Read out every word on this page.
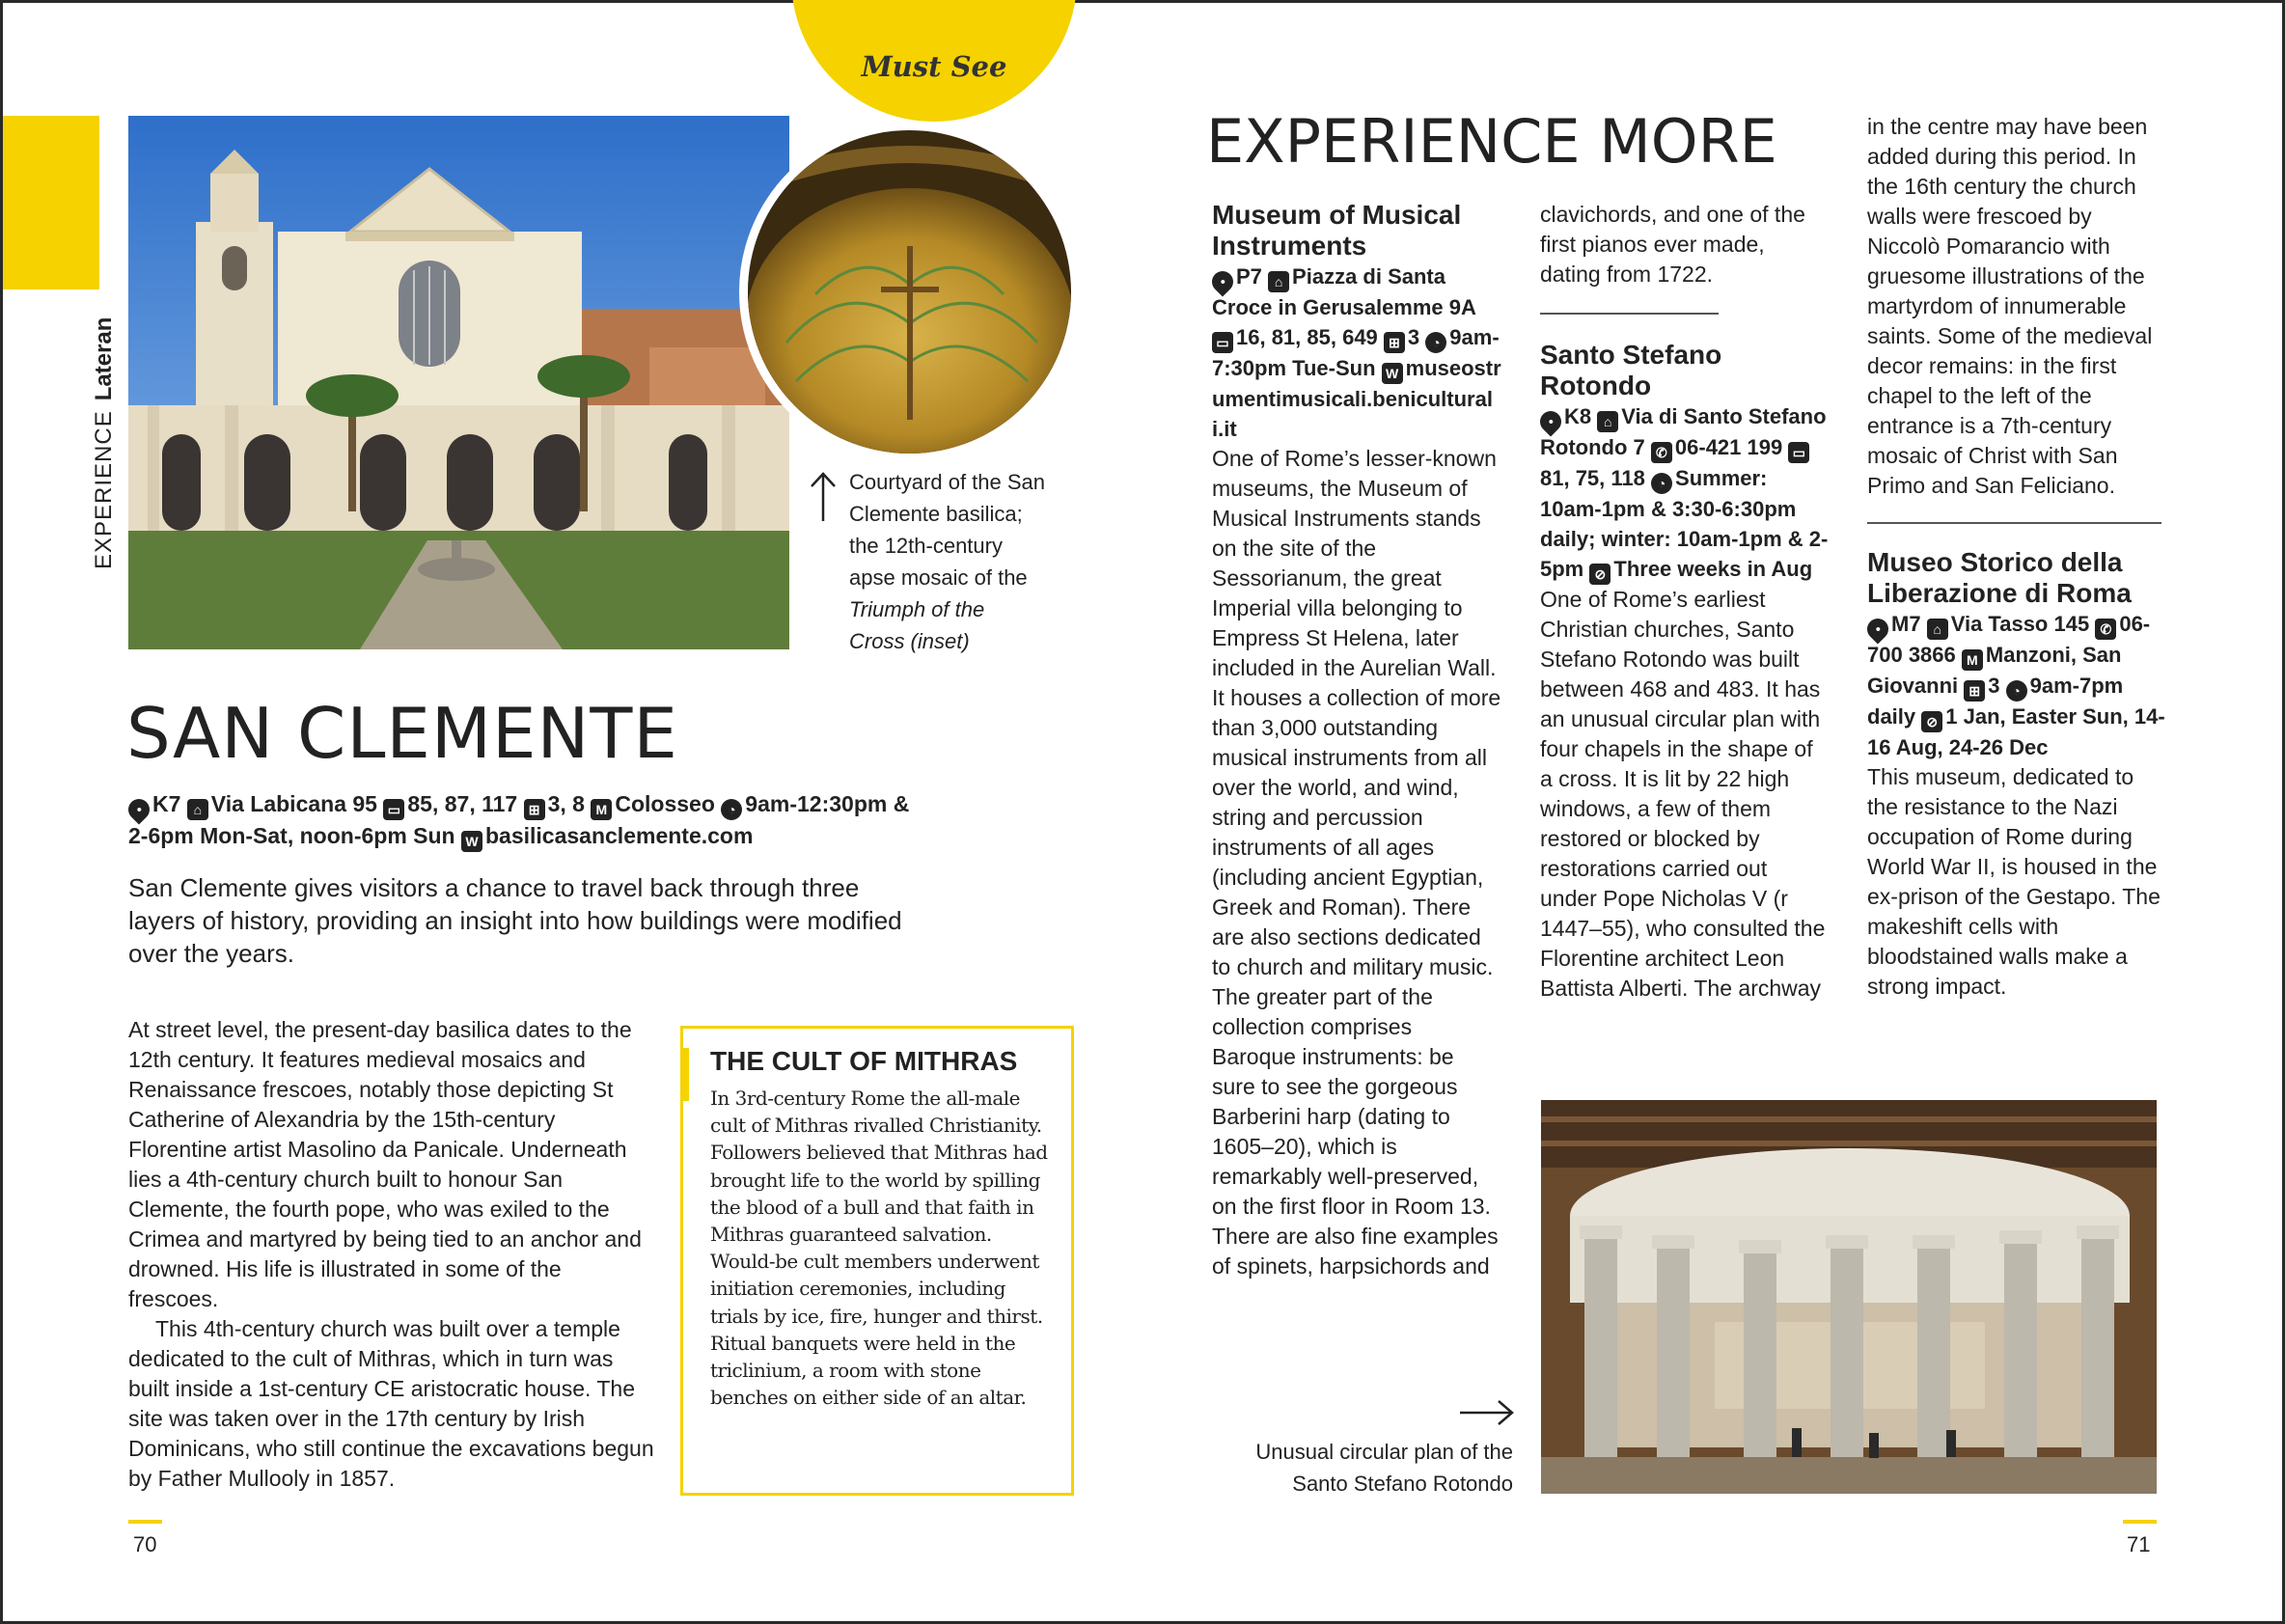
Must See
EXPERIENCELateran
Courtyard of the San
Clemente basilica;
the 12th-century
apse mosaic of the
Triumph of the
Cross (inset)
SAN CLEMENTE
• K7 ⌂ Via Labicana 95 ▭ 85, 87, 117 ⊞ 3, 8 M Colosseo ◔ 9am-12:30pm & 2-6pm Mon-Sat, noon-6pm Sun W basilicasanclemente.com
San Clemente gives visitors a chance to travel back through three layers of history, providing an insight into how buildings were modified over the years.

At street level, the present-day basilica dates to the 12th century. It features medieval mosaics and Renaissance frescoes, notably those depicting St Catherine of Alexandria by the 15th-century Florentine artist Masolino da Panicale. Underneath lies a 4th-century church built to honour San Clemente, the fourth pope, who was exiled to the Crimea and martyred by being tied to an anchor and drowned. His life is illustrated in some of the frescoes.

This 4th-century church was built over a temple dedicated to the cult of Mithras, which in turn was built inside a 1st-century CE aristocratic house. The site was taken over in the 17th century by Irish Dominicans, who still continue the excavations begun by Father Mullooly in 1857.

THE CULT OF MITHRAS
In 3rd-century Rome the all-male cult of Mithras rivalled Christianity. Followers believed that Mithras had brought life to the world by spilling the blood of a bull and that faith in Mithras guaranteed salvation. Would-be cult members underwent initiation ceremonies, including trials by ice, fire, hunger and thirst. Ritual banquets were held in the triclinium, a room with stone benches on either side of an altar.
70
EXPERIENCE MORE
Museum of Musical Instruments
• P7 ⌂ Piazza di Santa Croce in Gerusalemme 9A ▭ 16, 81, 85, 649 ⊞ 3 ◔ 9am-7:30pm Tue-Sun W museostrumentimusicali.beniculturali.it

One of Rome’s lesser-known museums, the Museum of Musical Instruments stands on the site of the Sessorianum, the great Imperial villa belonging to Empress St Helena, later included in the Aurelian Wall. It houses a collection of more than 3,000 outstanding musical instruments from all over the world, and wind, string and percussion instruments of all ages (including ancient Egyptian, Greek and Roman). There are also sections dedicated to church and military music. The greater part of the collection comprises Baroque instruments: be sure to see the gorgeous Barberini harp (dating to 1605–20), which is remarkably well-preserved, on the first floor in Room 13. There are also fine examples of spinets, harpsichords and

clavichords, and one of the first pianos ever made, dating from 1722.

Santo Stefano Rotondo
• K8 ⌂ Via di Santo Stefano Rotondo 7 ✆ 06-421 199 ▭81, 75, 118 ◔ Summer: 10am-1pm & 3:30-6:30pm daily; winter: 10am-1pm & 2-5pm ⊘ Three weeks in Aug

One of Rome’s earliest Christian churches, Santo Stefano Rotondo was built between 468 and 483. It has an unusual circular plan with four chapels in the shape of a cross. It is lit by 22 high windows, a few of them restored or blocked by restorations carried out under Pope Nicholas V (r 1447–55), who consulted the Florentine architect Leon Battista Alberti. The archway

in the centre may have been added during this period. In the 16th century the church walls were frescoed by Niccolò Pomarancio with gruesome illustrations of the martyrdom of innumerable saints. Some of the medieval decor remains: in the first chapel to the left of the entrance is a 7th-century mosaic of Christ with San Primo and San Feliciano.

Museo Storico della Liberazione di Roma
• M7 ⌂ Via Tasso 145 ✆ 06-700 3866 M Manzoni, San Giovanni ⊞ 3 ◔ 9am-7pm daily ⊘ 1 Jan, Easter Sun, 14-16 Aug, 24-26 Dec

This museum, dedicated to the resistance to the Nazi occupation of Rome during World War II, is housed in the ex-prison of the Gestapo. The makeshift cells with bloodstained walls make a strong impact.

Unusual circular plan of the
Santo Stefano Rotondo
71
